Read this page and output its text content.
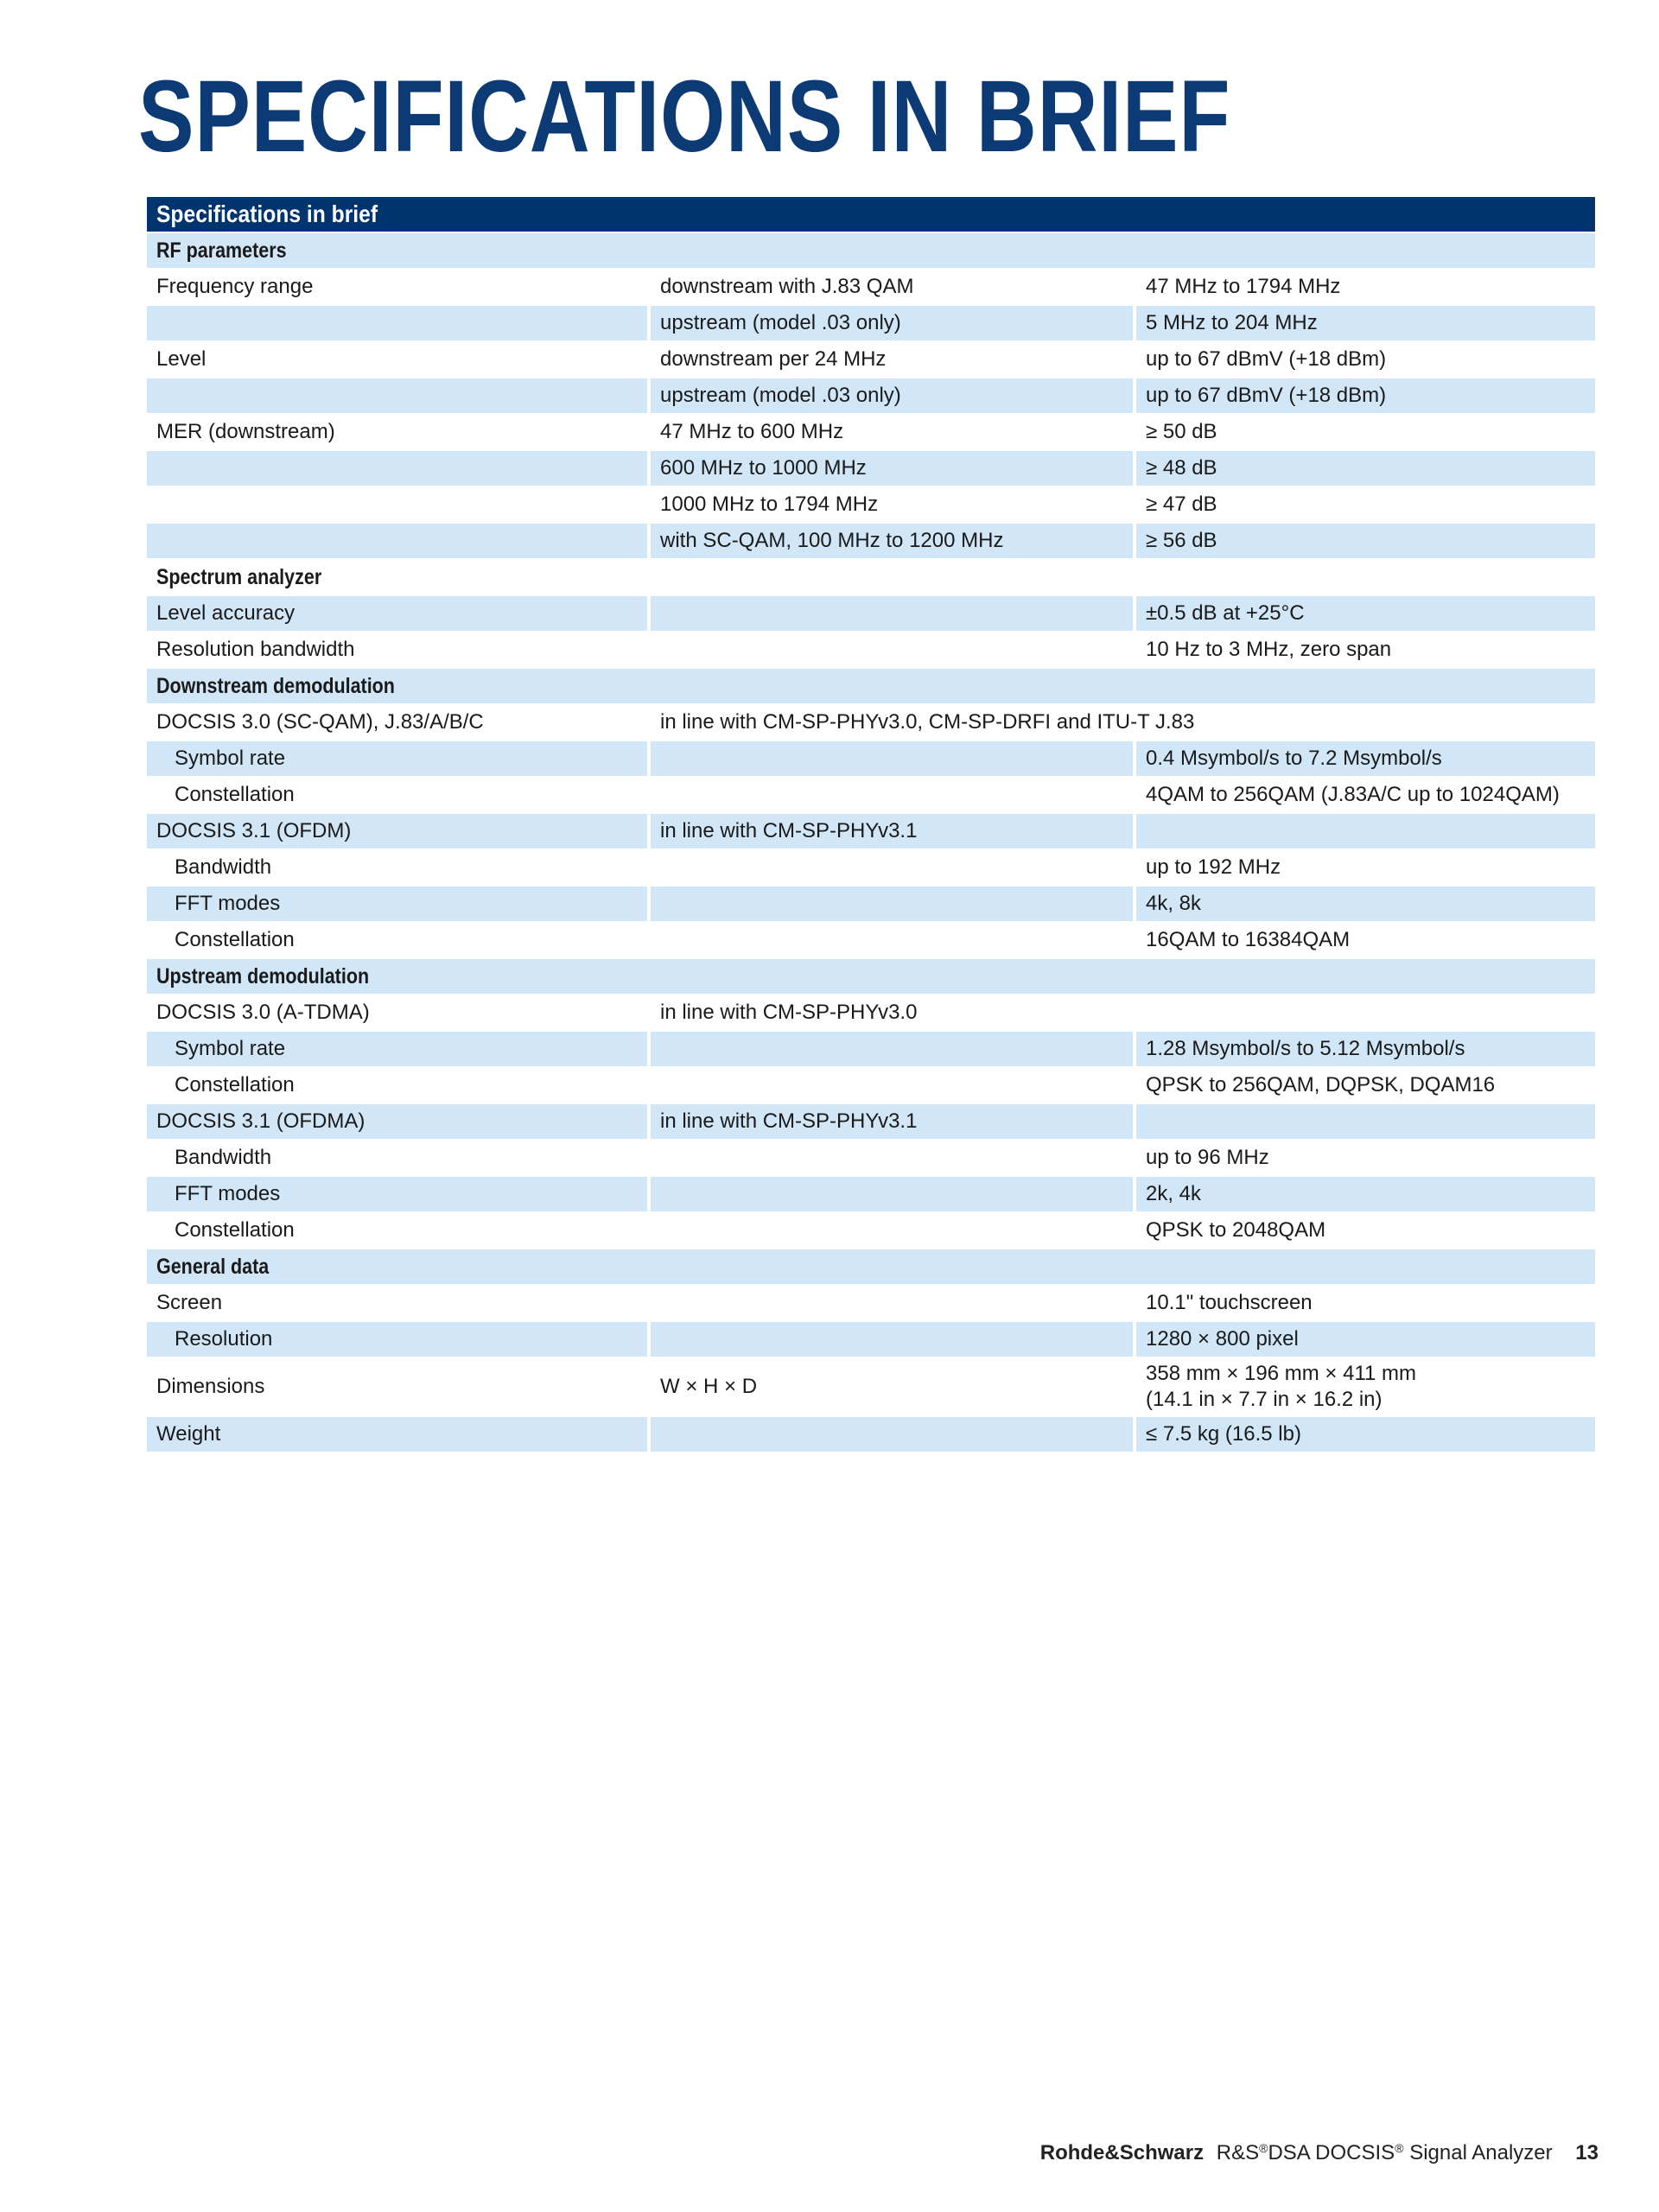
SPECIFICATIONS IN BRIEF
Specifications in brief		
RF parameters		
Frequency range	downstream with J.83 QAM	47 MHz to 1794 MHz
	upstream (model .03 only)	5 MHz to 204 MHz
Level	downstream per 24 MHz	up to 67 dBmV (+18 dBm)
	upstream (model .03 only)	up to 67 dBmV (+18 dBm)
MER (downstream)	47 MHz to 600 MHz	≥ 50 dB
	600 MHz to 1000 MHz	≥ 48 dB
	1000 MHz to 1794 MHz	≥ 47 dB
	with SC-QAM, 100 MHz to 1200 MHz	≥ 56 dB
Spectrum analyzer		
Level accuracy		±0.5 dB at +25°C
Resolution bandwidth		10 Hz to 3 MHz, zero span
Downstream demodulation		
DOCSIS 3.0 (SC-QAM), J.83/A/B/C	in line with CM-SP-PHYv3.0, CM-SP-DRFI and ITU-T J.83	
Symbol rate		0.4 Msymbol/s to 7.2 Msymbol/s
Constellation		4QAM to 256QAM (J.83A/C up to 1024QAM)
DOCSIS 3.1 (OFDM)	in line with CM-SP-PHYv3.1	
Bandwidth		up to 192 MHz
FFT modes		4k, 8k
Constellation		16QAM to 16384QAM
Upstream demodulation		
DOCSIS 3.0 (A-TDMA)	in line with CM-SP-PHYv3.0	
Symbol rate		1.28 Msymbol/s to 5.12 Msymbol/s
Constellation		QPSK to 256QAM, DQPSK, DQAM16
DOCSIS 3.1 (OFDMA)	in line with CM-SP-PHYv3.1	
Bandwidth		up to 96 MHz
FFT modes		2k, 4k
Constellation		QPSK to 2048QAM
General data		
Screen		10.1" touchscreen
Resolution		1280 × 800 pixel
Dimensions	W × H × D	358 mm × 196 mm × 411 mm
(14.1 in × 7.7 in × 16.2 in)

Weight		≤ 7.5 kg (16.5 lb)
Rohde&Schwarz R&S®DSA DOCSIS® Signal Analyzer 13
